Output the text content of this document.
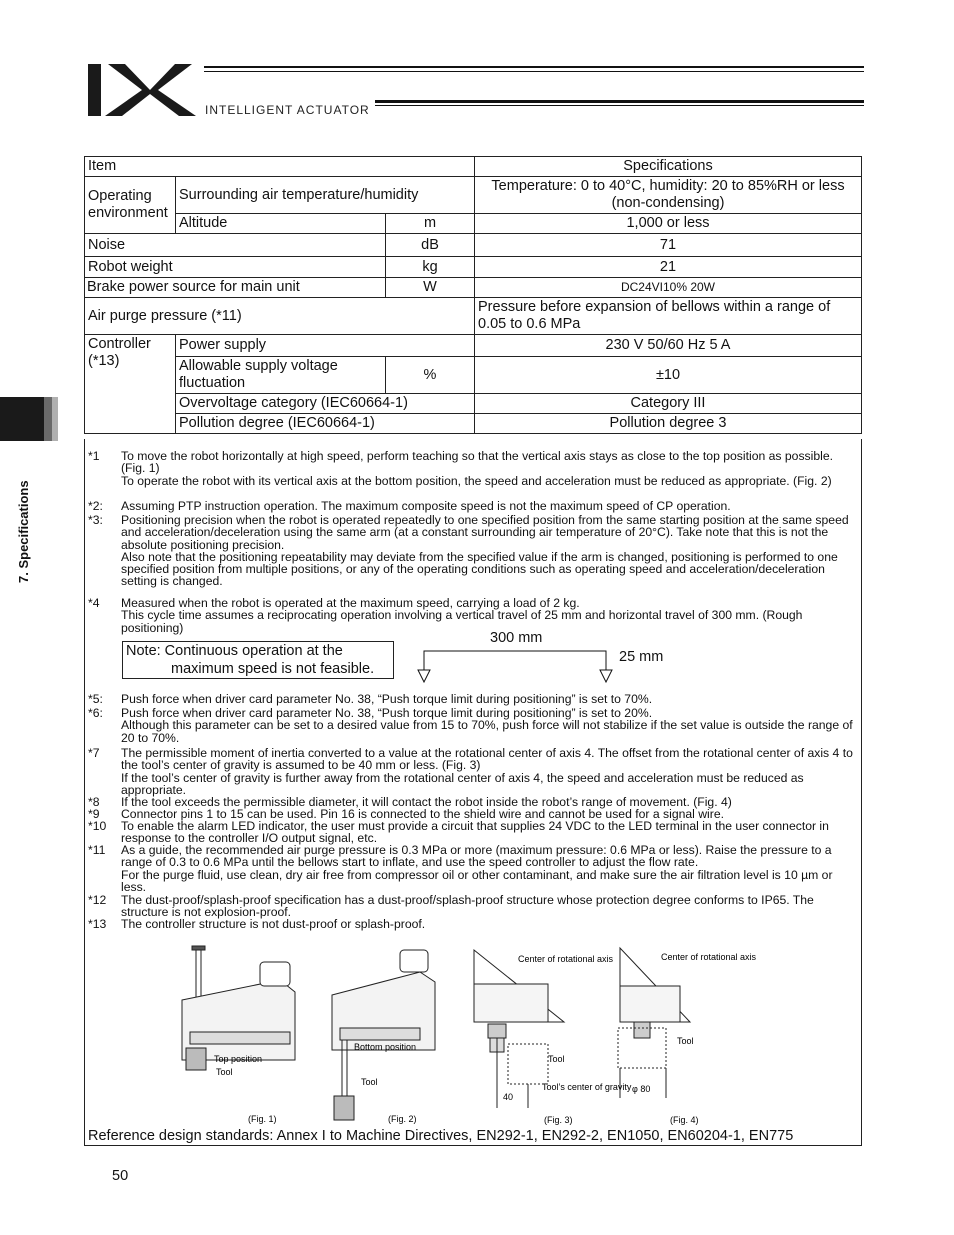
INTELLIGENT ACTUATOR
7. Specifications
Item			Specifications
Operating environment	Surrounding air temperature/humidity		Temperature: 0 to 40°C, humidity: 20 to 85%RH or less (non-condensing)
	Altitude	m	1,000 or less
Noise		dB	71
Robot weight		kg	21
Brake power source for main unit		W	DC24VI10% 20W
Air purge pressure (*11)			Pressure before expansion of bellows within a range of 0.05 to 0.6 MPa
Controller (*13)	Power supply		230 V 50/60 Hz 5 A
	Allowable supply voltage fluctuation	%	±10
	Overvoltage category (IEC60664-1)		Category III
	Pollution degree (IEC60664-1)		Pollution degree 3
*1 To move the robot horizontally at high speed, perform teaching so that the vertical axis stays as close to the top position as possible. (Fig. 1)
To operate the robot with its vertical axis at the bottom position, the speed and acceleration must be reduced as appropriate. (Fig. 2)
*2: Assuming PTP instruction operation. The maximum composite speed is not the maximum speed of CP operation.
*3: Positioning precision when the robot is operated repeatedly to one specified position from the same starting position at the same speed and acceleration/deceleration using the same arm (at a constant surrounding air temperature of 20°C). Take note that this is not the absolute positioning precision.
Also note that the positioning repeatability may deviate from the specified value if the arm is changed, positioning is performed to one specified position from multiple positions, or any of the operating conditions such as operating speed and acceleration/deceleration setting is changed.
*4 Measured when the robot is operated at the maximum speed, carrying a load of 2 kg.
This cycle time assumes a reciprocating operation involving a vertical travel of 25 mm and horizontal travel of 300 mm. (Rough positioning)
Note: Continuous operation at the
maximum speed is not feasible.
300 mm
25 mm
*5: Push force when driver card parameter No. 38, “Push torque limit during positioning” is set to 70%.
*6: Push force when driver card parameter No. 38, “Push torque limit during positioning” is set to 20%.
Although this parameter can be set to a desired value from 15 to 70%, push force will not stabilize if the set value is outside the range of 20 to 70%.
*7 The permissible moment of inertia converted to a value at the rotational center of axis 4. The offset from the rotational center of axis 4 to the tool’s center of gravity is assumed to be 40 mm or less. (Fig. 3)
If the tool’s center of gravity is further away from the rotational center of axis 4, the speed and acceleration must be reduced as appropriate.
*8 If the tool exceeds the permissible diameter, it will contact the robot inside the robot’s range of movement. (Fig. 4)
*9 Connector pins 1 to 15 can be used. Pin 16 is connected to the shield wire and cannot be used for a signal wire.
*10 To enable the alarm LED indicator, the user must provide a circuit that supplies 24 VDC to the LED terminal in the user connector in response to the controller I/O output signal, etc.
*11 As a guide, the recommended air purge pressure is 0.3 MPa or more (maximum pressure: 0.6 MPa or less). Raise the pressure to a range of 0.3 to 0.6 MPa until the bellows start to inflate, and use the speed controller to adjust the flow rate.
For the purge fluid, use clean, dry air free from compressor oil or other contaminant, and make sure the air filtration level is 10 µm or less.
*12 The dust-proof/splash-proof specification has a dust-proof/splash-proof structure whose protection degree conforms to IP65. The structure is not explosion-proof.
*13 The controller structure is not dust-proof or splash-proof.
Top position
Tool
(Fig. 1)
Bottom position
Tool
(Fig. 2)
Center of rotational axis
Tool
Tool’s center of gravity
40
(Fig. 3)
Center of rotational axis
Tool
φ 80
(Fig. 4)
Reference design standards: Annex I to Machine Directives, EN292-1, EN292-2, EN1050, EN60204-1, EN775
50
